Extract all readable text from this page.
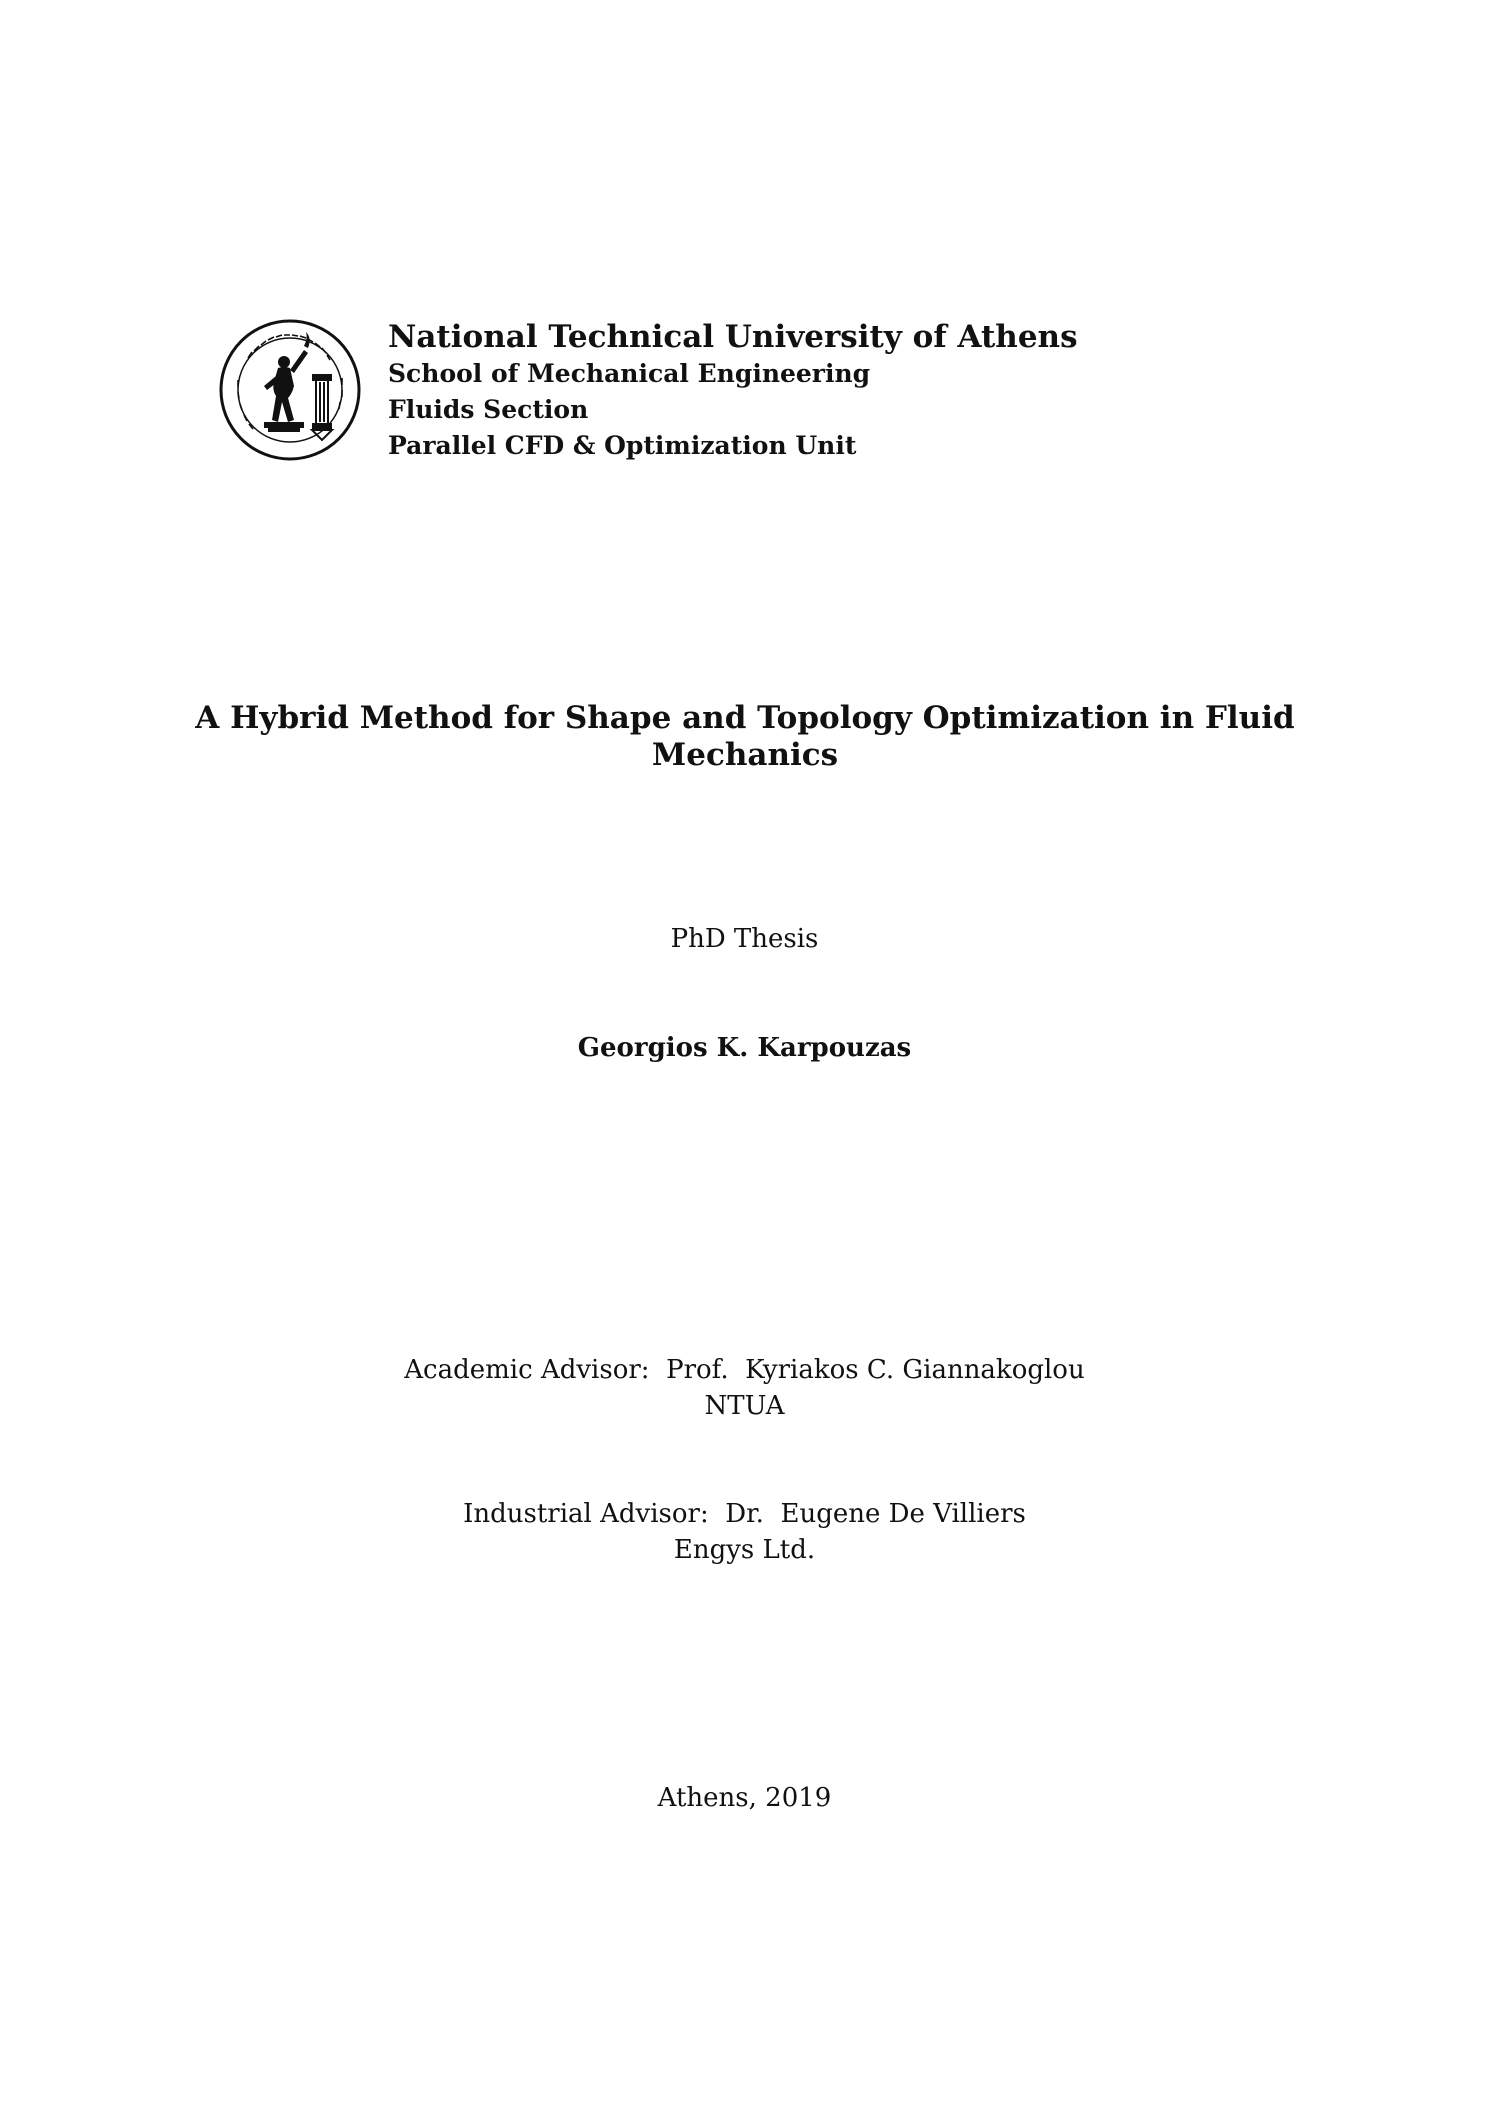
National Technical University of Athens
School of Mechanical Engineering
Fluids Section
Parallel CFD & Optimization Unit
A Hybrid Method for Shape and Topology Optimization in Fluid
Mechanics
PhD Thesis
Georgios K. Karpouzas
Academic Advisor:  Prof.  Kyriakos C. Giannakoglou
NTUA
Industrial Advisor:  Dr.  Eugene De Villiers
Engys Ltd.
Athens, 2019
